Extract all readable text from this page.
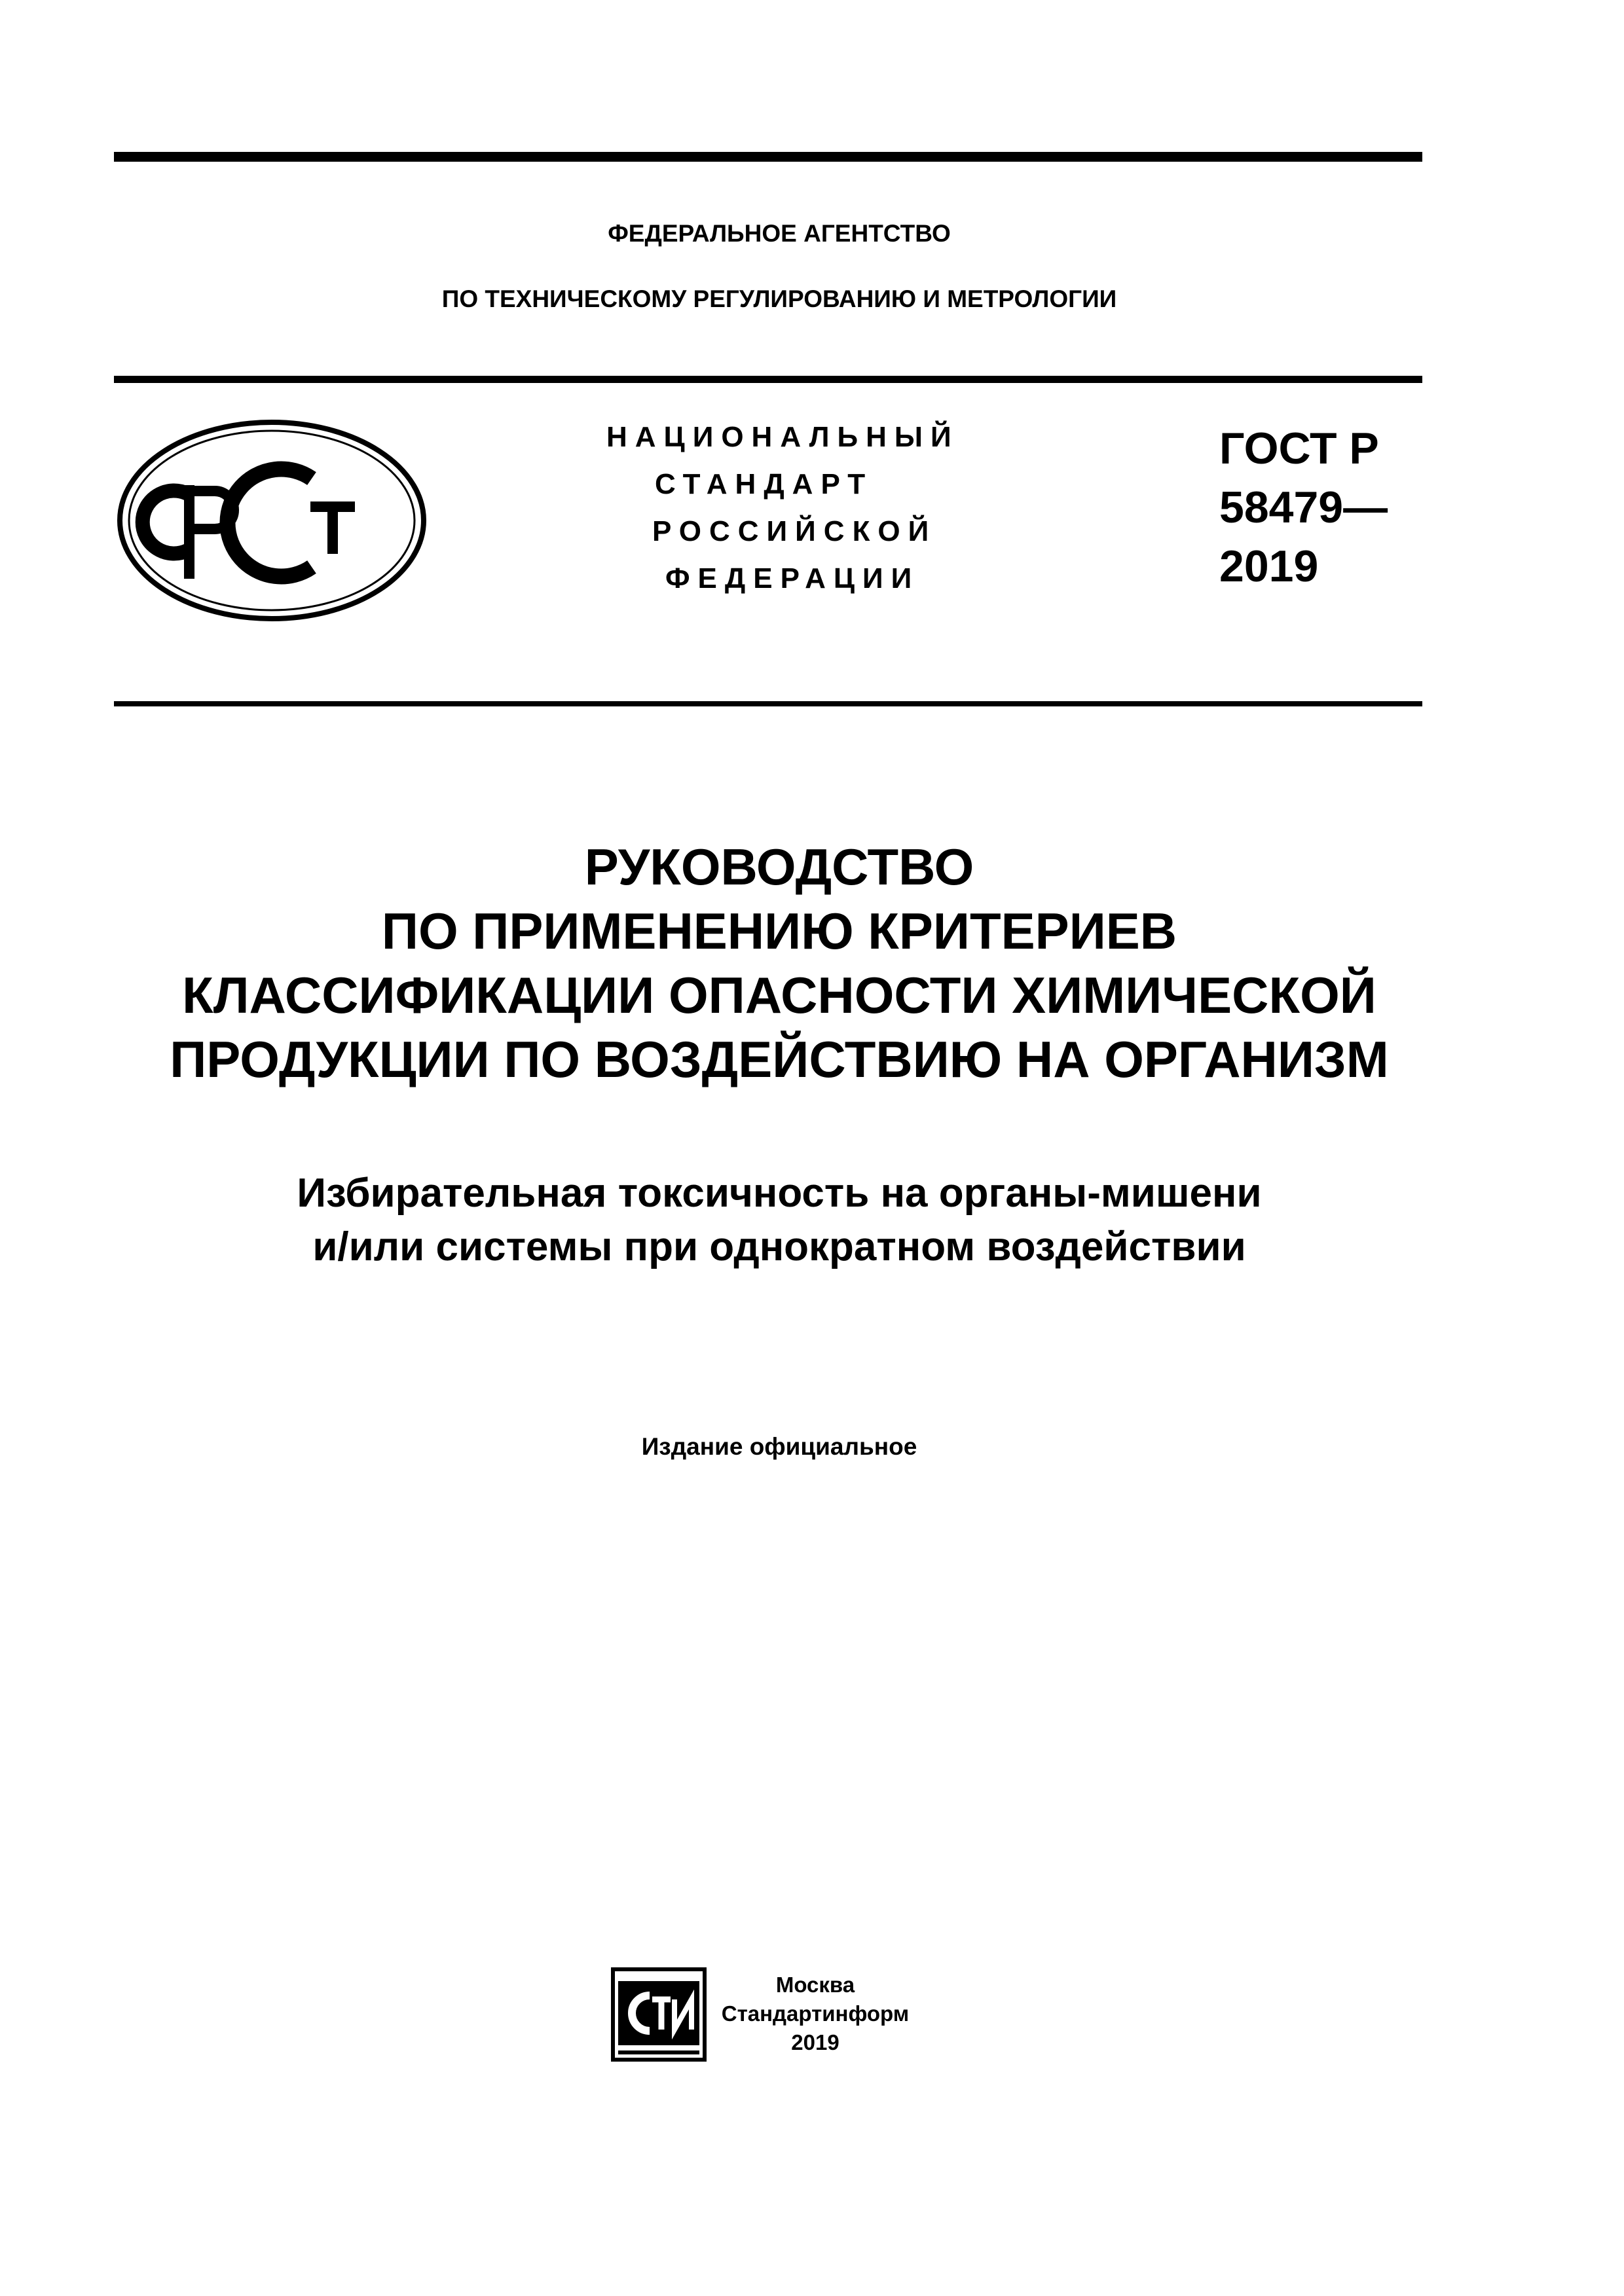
ФЕДЕРАЛЬНОЕ АГЕНТСТВО

ПО ТЕХНИЧЕСКОМУ РЕГУЛИРОВАНИЮ И МЕТРОЛОГИИ

НАЦИОНАЛЬНЫЙ
СТАНДАРТ
РОССИЙСКОЙ
ФЕДЕРАЦИИ
ГОСТ Р
58479—
2019
РУКОВОДСТВО
ПО ПРИМЕНЕНИЮ КРИТЕРИЕВ
КЛАССИФИКАЦИИ ОПАСНОСТИ ХИМИЧЕСКОЙ
ПРОДУКЦИИ ПО ВОЗДЕЙСТВИЮ НА ОРГАНИЗМ
Избирательная токсичность на органы-мишени
и/или системы при однократном воздействии
Издание официальное
Москва
Стандартинформ
2019
